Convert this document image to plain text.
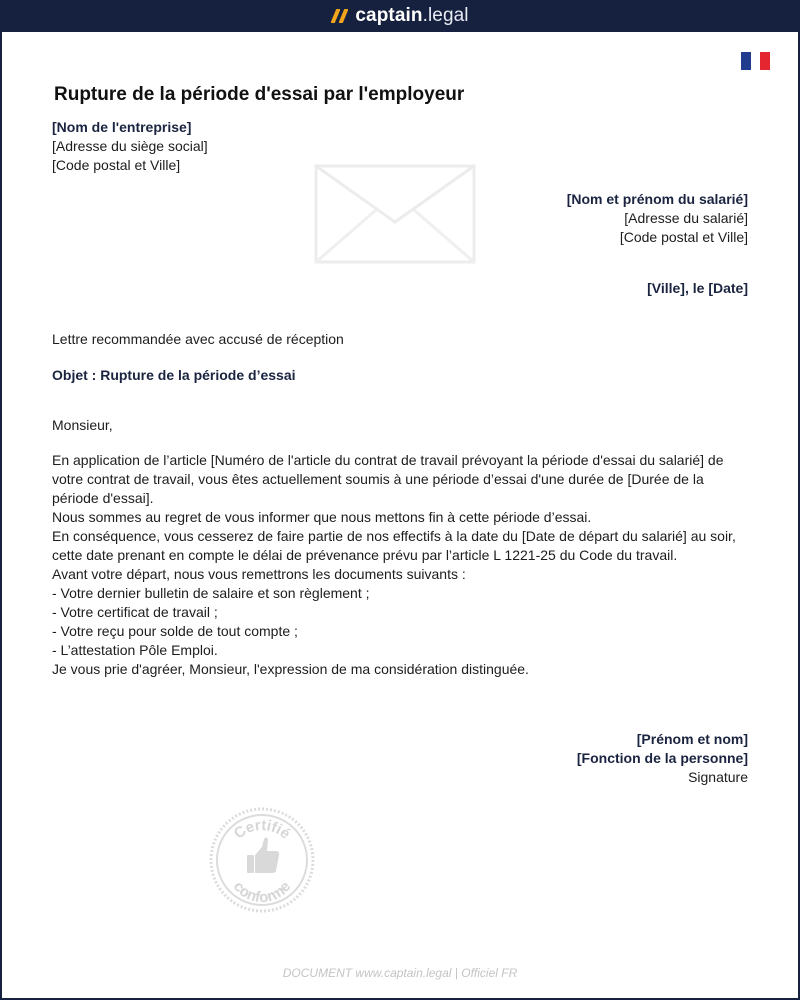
captain .legal
Rupture de la période d'essai par l'employeur
[Nom de l'entreprise]
[Adresse du siège social]
[Code postal et Ville]
[Nom et prénom du salarié]
[Adresse du salarié]
[Code postal et Ville]
[Ville], le [Date]
Lettre recommandée avec accusé de réception
Objet : Rupture de la période d’essai
Monsieur,

En application de l’article [Numéro de l'article du contrat de travail prévoyant la période d'essai du salarié] de votre contrat de travail, vous êtes actuellement soumis à une période d’essai d'une durée de [Durée de la période d'essai].

Nous sommes au regret de vous informer que nous mettons fin à cette période d’essai.

En conséquence, vous cesserez de faire partie de nos effectifs à la date du [Date de départ du salarié] au soir, cette date prenant en compte le délai de prévenance prévu par l’article L 1221-25 du Code du travail.

Avant votre départ, nous vous remettrons les documents suivants :

- Votre dernier bulletin de salaire et son règlement ;

- Votre certificat de travail ;

- Votre reçu pour solde de tout compte ;

- L’attestation Pôle Emploi.

Je vous prie d'agréer, Monsieur, l'expression de ma considération distinguée.

[Prénom et nom]
[Fonction de la personne]
Signature
Certifié
conforme
DOCUMENT www.captain.legal | Officiel FR
